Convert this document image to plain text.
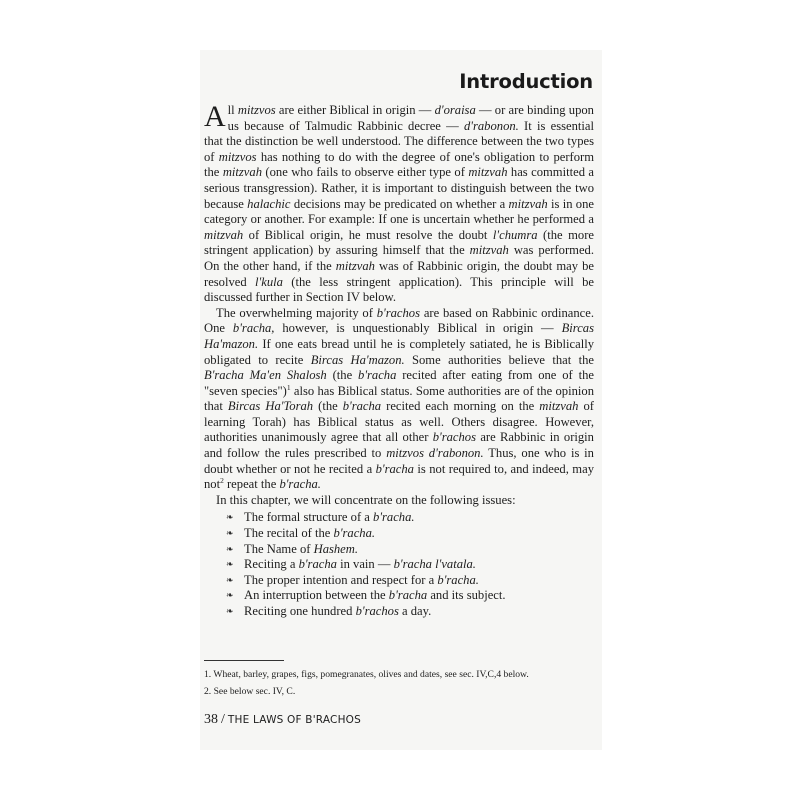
Introduction

All mitzvos are either Biblical in origin — d'oraisa — or are binding upon us because of Talmudic Rabbinic decree — d'rabonon. It is essential that the distinction be well understood. The difference between the two types of mitzvos has nothing to do with the degree of one's obligation to perform the mitzvah (one who fails to observe either type of mitzvah has committed a serious transgression). Rather, it is important to distinguish between the two because halachic decisions may be predicated on whether a mitzvah is in one category or another. For example: If one is uncertain whether he performed a mitzvah of Biblical origin, he must resolve the doubt l'chumra (the more stringent application) by assuring himself that the mitzvah was performed. On the other hand, if the mitzvah was of Rabbinic origin, the doubt may be resolved l'kula (the less stringent application). This principle will be discussed further in Section IV below.

The overwhelming majority of b'rachos are based on Rabbinic ordinance. One b'racha, however, is unquestionably Biblical in origin — Bircas Ha'mazon. If one eats bread until he is completely satiated, he is Biblically obligated to recite Bircas Ha'mazon. Some authorities believe that the B'racha Ma'en Shalosh (the b'racha recited after eating from one of the "seven species")$^1$ also has Biblical status. Some authorities are of the opinion that Bircas Ha'Torah (the b'racha recited each morning on the mitzvah of learning Torah) has Biblical status as well. Others disagree. However, authorities unanimously agree that all other b'rachos are Rabbinic in origin and follow the rules prescribed to mitzvos d'rabonon. Thus, one who is in doubt whether or not he recited a b'racha is not required to, and indeed, may not$^2$ repeat the b'racha.

In this chapter, we will concentrate on the following issues:

❧ The formal structure of a b'racha.
❧ The recital of the b'racha.
❧ The Name of Hashem.
❧ Reciting a b'racha in vain — b'racha l'vatala.
❧ The proper intention and respect for a b'racha.
❧ An interruption between the b'racha and its subject.
❧ Reciting one hundred b'rachos a day.
1. Wheat, barley, grapes, figs, pomegranates, olives and dates, see sec. IV,C,4 below.
2. See below sec. IV, C.
38 / THE LAWS OF B'RACHOS
